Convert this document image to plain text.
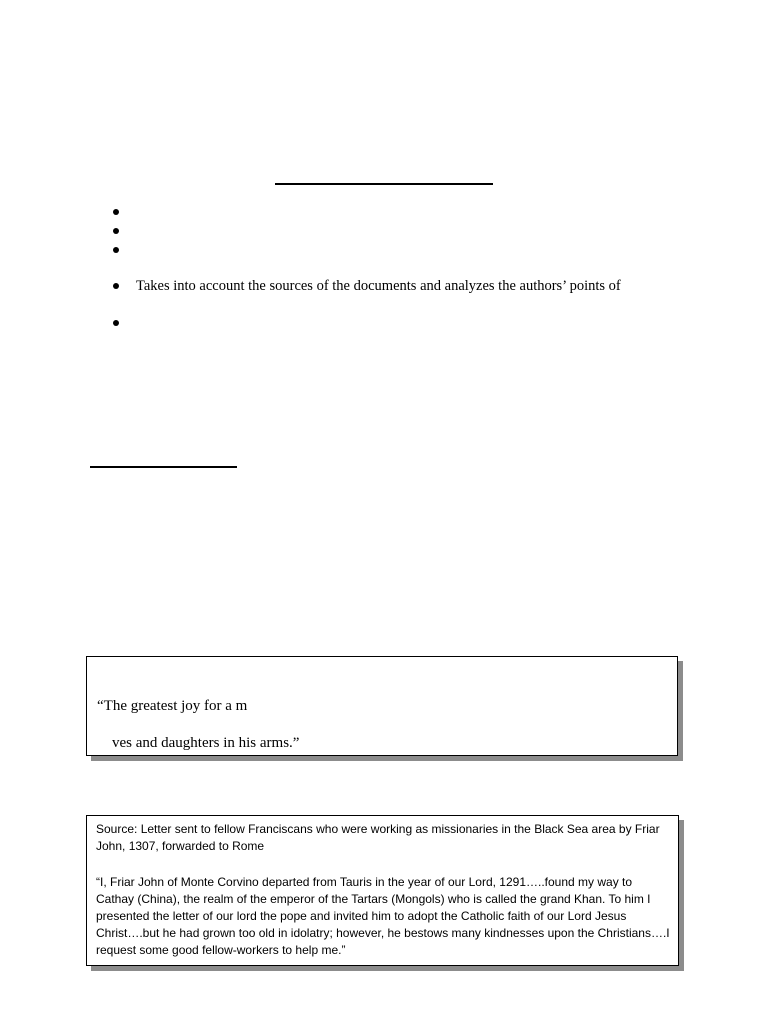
Takes into account the sources of the documents and analyzes the authors’ points of
“The greatest joy for a m
ves and daughters in his arms.”

Source: Letter sent to fellow Franciscans who were working as missionaries in the Black Sea area by Friar John, 1307, forwarded to Rome

“I, Friar John of Monte Corvino departed from Tauris in the year of our Lord, 1291…..found my way to Cathay (China), the realm of the emperor of the Tartars (Mongols) who is called the grand Khan. To him I presented the letter of our lord the pope and invited him to adopt the Catholic faith of our Lord Jesus Christ….but he had grown too old in idolatry; however, he bestows many kindnesses upon the Christians….I request some good fellow-workers to help me.”
